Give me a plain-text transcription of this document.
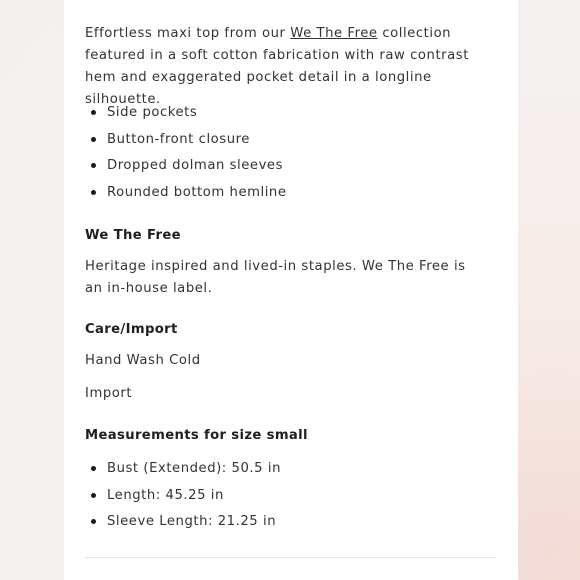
Effortless maxi top from our We The Free collection featured in a soft cotton fabrication with raw contrast hem and exaggerated pocket detail in a longline silhouette.

Side pockets
Button-front closure
Dropped dolman sleeves
Rounded bottom hemline
We The Free

Heritage inspired and lived-in staples. We The Free is an in-house label.

Care/Import

Hand Wash Cold

Import

Measurements for size small
Bust (Extended): 50.5 in
Length: 45.25 in
Sleeve Length: 21.25 in
